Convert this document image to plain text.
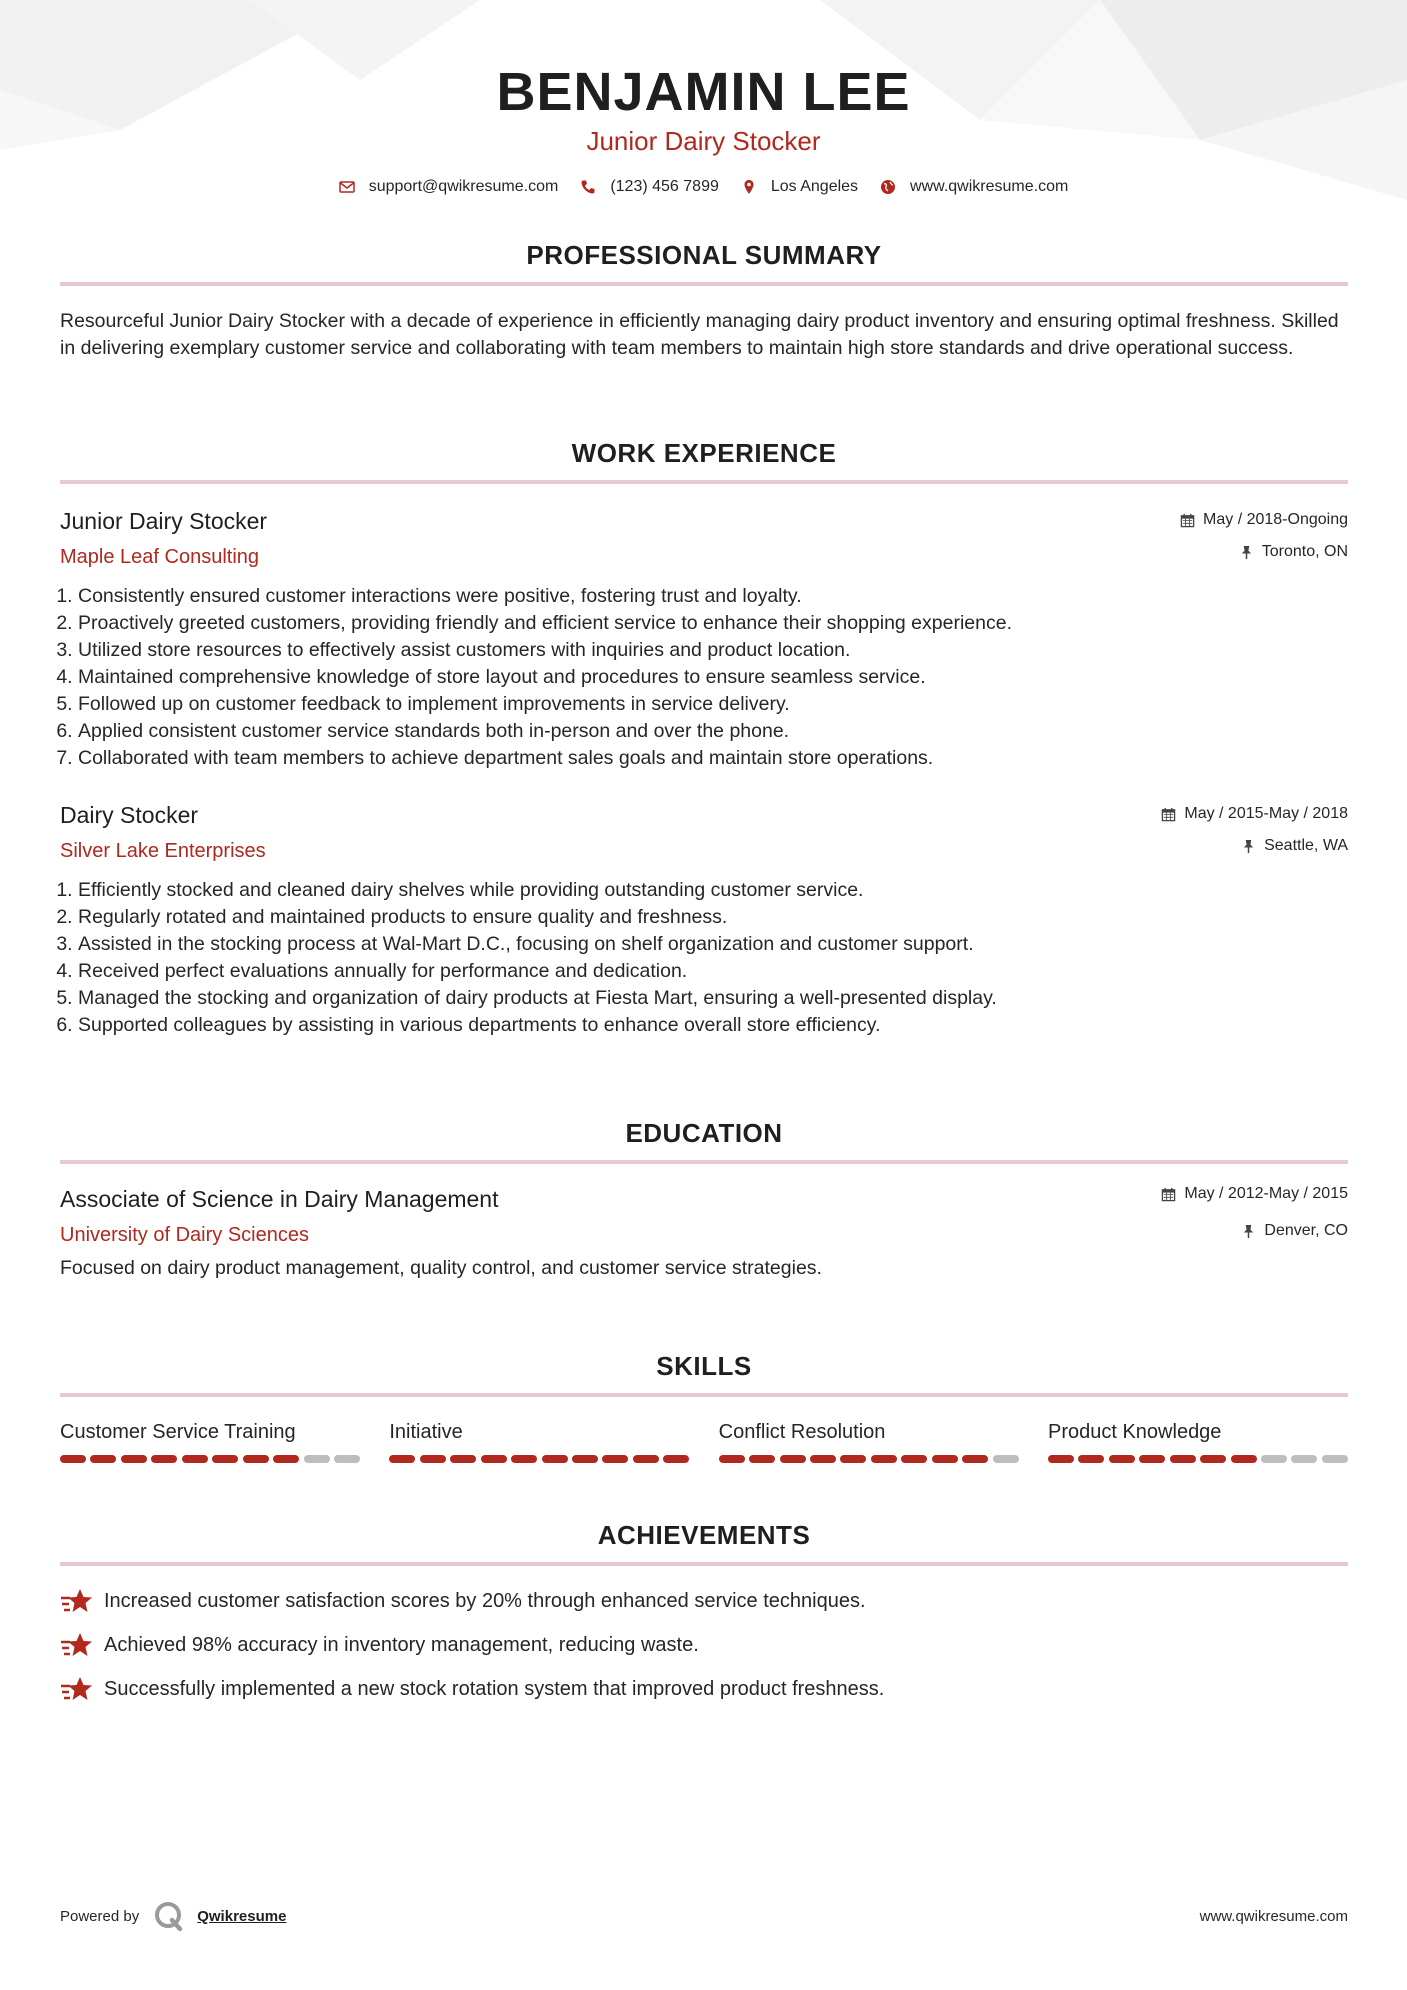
BENJAMIN LEE
Junior Dairy Stocker
support@qwikresume.com	(123) 456 7899	Los Angeles	www.qwikresume.com
PROFESSIONAL SUMMARY
Resourceful Junior Dairy Stocker with a decade of experience in efficiently managing dairy product inventory and ensuring optimal freshness. Skilled in delivering exemplary customer service and collaborating with team members to maintain high store standards and drive operational success.
WORK EXPERIENCE
Junior Dairy Stocker
Maple Leaf Consulting
May / 2018-Ongoing
Toronto, ON
1. Consistently ensured customer interactions were positive, fostering trust and loyalty.
2. Proactively greeted customers, providing friendly and efficient service to enhance their shopping experience.
3. Utilized store resources to effectively assist customers with inquiries and product location.
4. Maintained comprehensive knowledge of store layout and procedures to ensure seamless service.
5. Followed up on customer feedback to implement improvements in service delivery.
6. Applied consistent customer service standards both in-person and over the phone.
7. Collaborated with team members to achieve department sales goals and maintain store operations.
Dairy Stocker
Silver Lake Enterprises
May / 2015-May / 2018
Seattle, WA
1. Efficiently stocked and cleaned dairy shelves while providing outstanding customer service.
2. Regularly rotated and maintained products to ensure quality and freshness.
3. Assisted in the stocking process at Wal-Mart D.C., focusing on shelf organization and customer support.
4. Received perfect evaluations annually for performance and dedication.
5. Managed the stocking and organization of dairy products at Fiesta Mart, ensuring a well-presented display.
6. Supported colleagues by assisting in various departments to enhance overall store efficiency.
EDUCATION
Associate of Science in Dairy Management
University of Dairy Sciences
May / 2012-May / 2015
Denver, CO
Focused on dairy product management, quality control, and customer service strategies.
SKILLS
Customer Service Training	Initiative	Conflict Resolution	Product Knowledge
ACHIEVEMENTS
Increased customer satisfaction scores by 20% through enhanced service techniques.
Achieved 98% accuracy in inventory management, reducing waste.
Successfully implemented a new stock rotation system that improved product freshness.
Powered by	Qwikresume	www.qwikresume.com
